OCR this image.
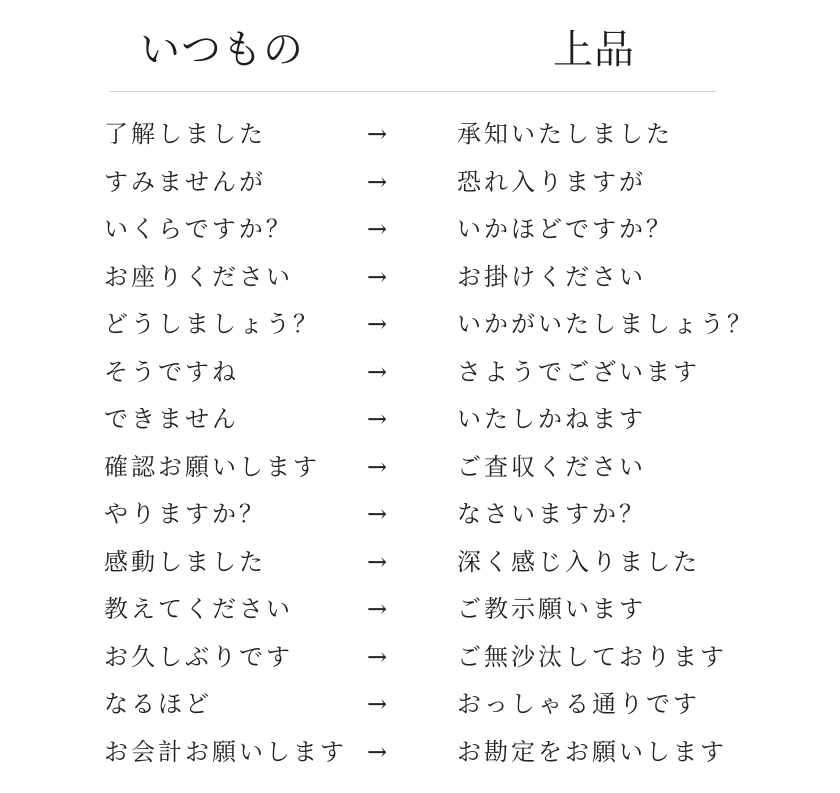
いつもの	上品
了解しました	→	承知いたしました
すみませんが	→	恐れ入りますが
いくらですか？	→	いかほどですか？
お座りください	→	お掛けください
どうしましょう？ →	いかがいたしましょう？
そうですね	→	さようでございます
できません	→	いたしかねます
確認お願いします →	ご査収ください
やりますか？	→	なさいますか？
感動しました	→	深く感じ入りました
教えてください	→	ご教示願います
お久しぶりです	→	ご無沙汰しております
なるほど	→	おっしゃる通りです
お会計お願いします →	お勘定をお願いします
